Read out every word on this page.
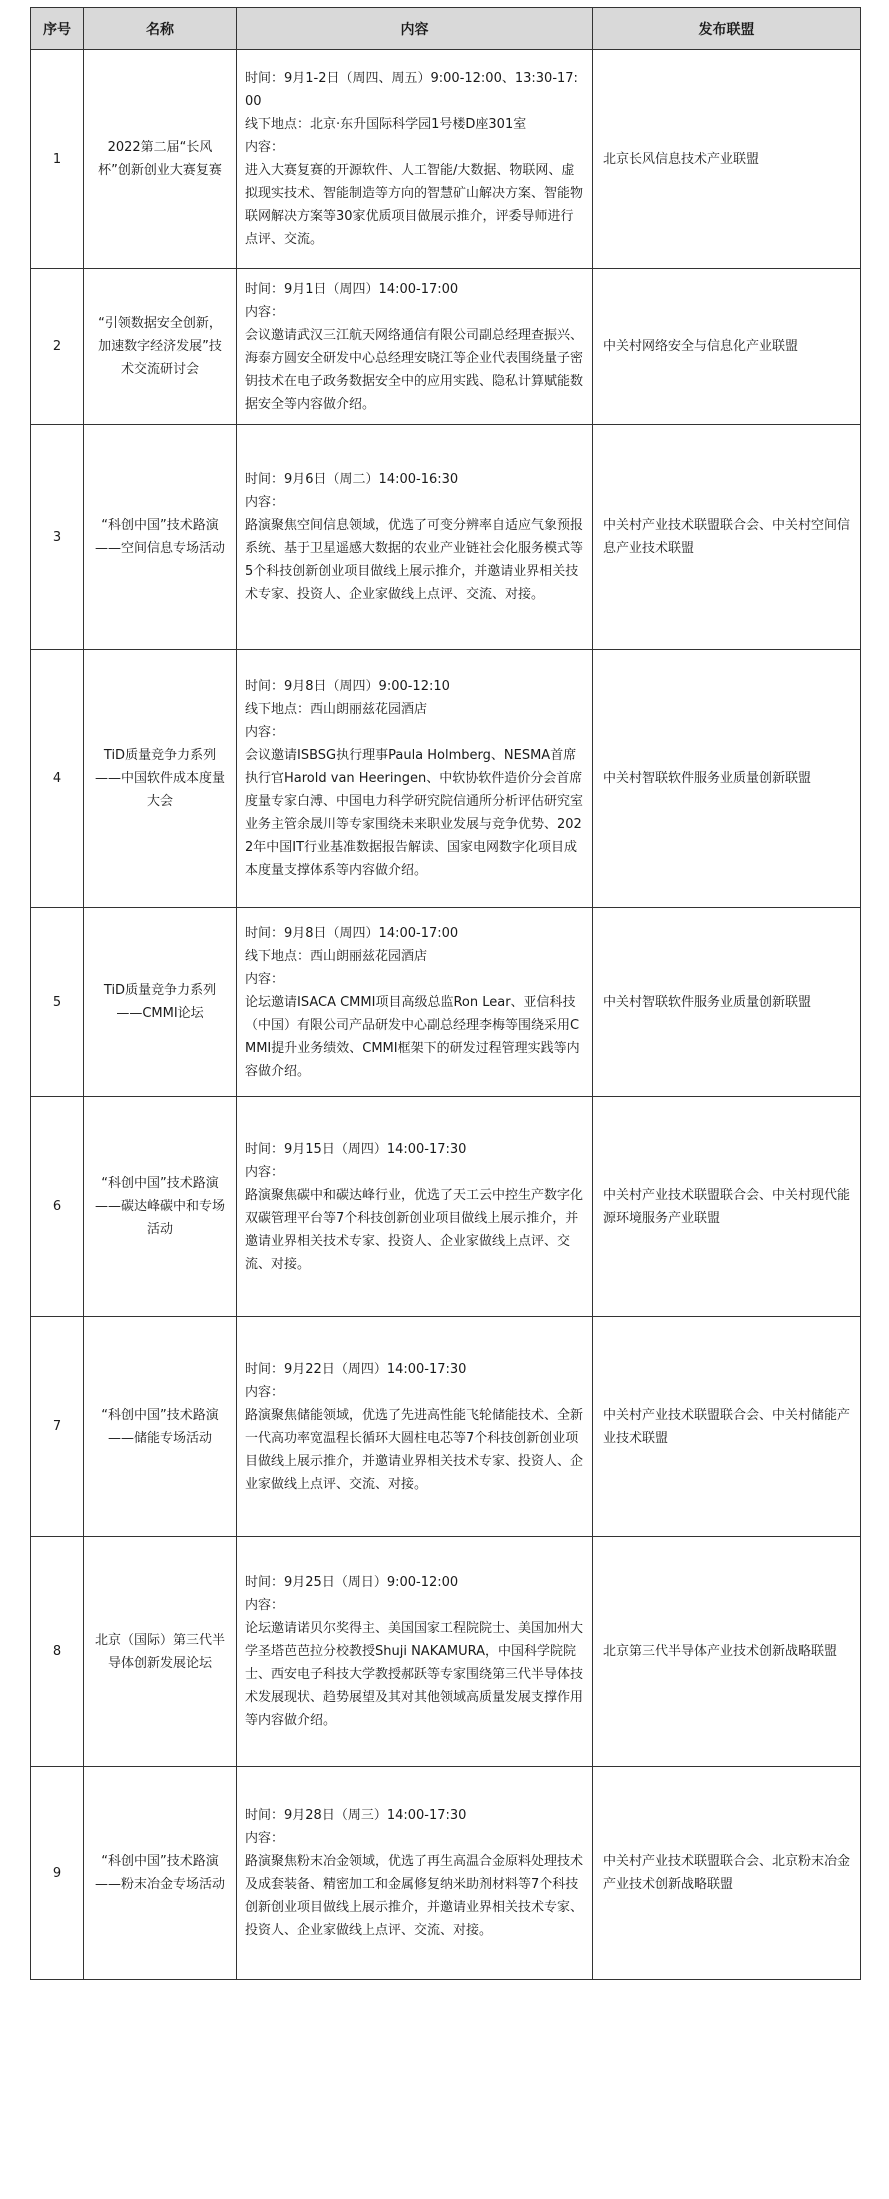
序号	名称	内容	发布联盟
1	2022第二届“长风杯”创新创业大赛复赛	时间：9月1-2日（周四、周五）9:00-12:00、13:30-17:00
线下地点：北京·东升国际科学园1号楼D座301室
内容：
进入大赛复赛的开源软件、人工智能/大数据、物联网、虚拟现实技术、智能制造等方向的智慧矿山解决方案、智能物联网解决方案等30家优质项目做展示推介，评委导师进行点评、交流。	北京长风信息技术产业联盟
2	“引领数据安全创新，加速数字经济发展”技术交流研讨会	时间：9月1日（周四）14:00-17:00
内容：
会议邀请武汉三江航天网络通信有限公司副总经理查振兴、海泰方圆安全研发中心总经理安晓江等企业代表围绕量子密钥技术在电子政务数据安全中的应用实践、隐私计算赋能数据安全等内容做介绍。	中关村网络安全与信息化产业联盟
3	“科创中国”技术路演——空间信息专场活动	时间：9月6日（周二）14:00-16:30
内容：
路演聚焦空间信息领域，优选了可变分辨率自适应气象预报系统、基于卫星遥感大数据的农业产业链社会化服务模式等5个科技创新创业项目做线上展示推介，并邀请业界相关技术专家、投资人、企业家做线上点评、交流、对接。	中关村产业技术联盟联合会、中关村空间信息产业技术联盟
4	TiD质量竞争力系列——中国软件成本度量大会	时间：9月8日（周四）9:00-12:10
线下地点：西山朗丽兹花园酒店
内容：
会议邀请ISBSG执行理事Paula Holmberg、NESMA首席执行官Harold van Heeringen、中软协软件造价分会首席度量专家白溥、中国电力科学研究院信通所分析评估研究室业务主管余晟川等专家围绕未来职业发展与竞争优势、2022年中国IT行业基准数据报告解读、国家电网数字化项目成本度量支撑体系等内容做介绍。	中关村智联软件服务业质量创新联盟
5	TiD质量竞争力系列——CMMI论坛	时间：9月8日（周四）14:00-17:00
线下地点：西山朗丽兹花园酒店
内容：
论坛邀请ISACA CMMI项目高级总监Ron Lear、亚信科技（中国）有限公司产品研发中心副总经理李梅等围绕采用CMMI提升业务绩效、CMMI框架下的研发过程管理实践等内容做介绍。	中关村智联软件服务业质量创新联盟
6	“科创中国”技术路演——碳达峰碳中和专场活动	时间：9月15日（周四）14:00-17:30
内容：
路演聚焦碳中和碳达峰行业，优选了天工云中控生产数字化双碳管理平台等7个科技创新创业项目做线上展示推介，并邀请业界相关技术专家、投资人、企业家做线上点评、交流、对接。	中关村产业技术联盟联合会、中关村现代能源环境服务产业联盟
7	“科创中国”技术路演——储能专场活动	时间：9月22日（周四）14:00-17:30
内容：
路演聚焦储能领域，优选了先进高性能飞轮储能技术、全新一代高功率宽温程长循环大圆柱电芯等7个科技创新创业项目做线上展示推介，并邀请业界相关技术专家、投资人、企业家做线上点评、交流、对接。	中关村产业技术联盟联合会、中关村储能产业技术联盟
8	北京（国际）第三代半导体创新发展论坛	时间：9月25日（周日）9:00-12:00
内容：
论坛邀请诺贝尔奖得主、美国国家工程院院士、美国加州大学圣塔芭芭拉分校教授Shuji NAKAMURA，中国科学院院士、西安电子科技大学教授郝跃等专家围绕第三代半导体技术发展现状、趋势展望及其对其他领域高质量发展支撑作用等内容做介绍。	北京第三代半导体产业技术创新战略联盟
9	“科创中国”技术路演——粉末冶金专场活动	时间：9月28日（周三）14:00-17:30
内容：
路演聚焦粉末冶金领域，优选了再生高温合金原料处理技术及成套装备、精密加工和金属修复纳米助剂材料等7个科技创新创业项目做线上展示推介，并邀请业界相关技术专家、投资人、企业家做线上点评、交流、对接。	中关村产业技术联盟联合会、北京粉末冶金产业技术创新战略联盟
